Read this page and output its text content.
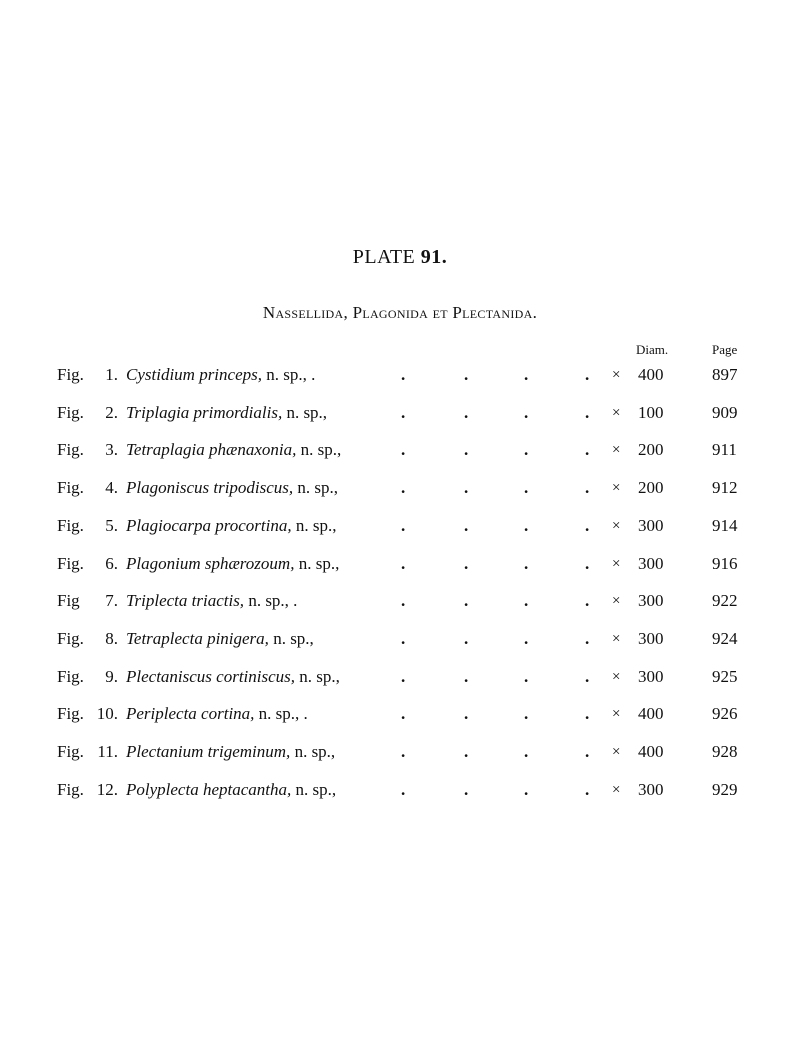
PLATE 91.
Nassellida, Plagonida et Plectanida.
Diam.	Page
Fig.	1. Cystidium princeps, n. sp., .	.	.	.	. × 400	897
Fig.	2. Triplagia primordialis, n. sp.,	.	.	.	. × 100	909
Fig.	3. Tetraplagia phænaxonia, n. sp.,	.	.	.	. × 200	911
Fig.	4. Plagoniscus tripodiscus, n. sp.,	.	.	.	. × 200	912
Fig.	5. Plagiocarpa procortina, n. sp.,	.	.	.	. × 300	914
Fig.	6. Plagonium sphærozoum, n. sp.,	.	.	.	. × 300	916
Fig	7. Triplecta triactis, n. sp., .	.	.	.	. × 300	922
Fig.	8. Tetraplecta pinigera, n. sp.,	.	.	.	. × 300	924
Fig.	9. Plectaniscus cortiniscus, n. sp.,	.	.	.	. × 300	925
Fig. 10. Periplecta cortina, n. sp., .	.	.	.	. × 400	926
Fig. 11. Plectanium trigeminum, n. sp.,	.	.	.	. × 400	928
Fig. 12. Polyplecta heptacantha, n. sp.,	.	.	.	. × 300	929
